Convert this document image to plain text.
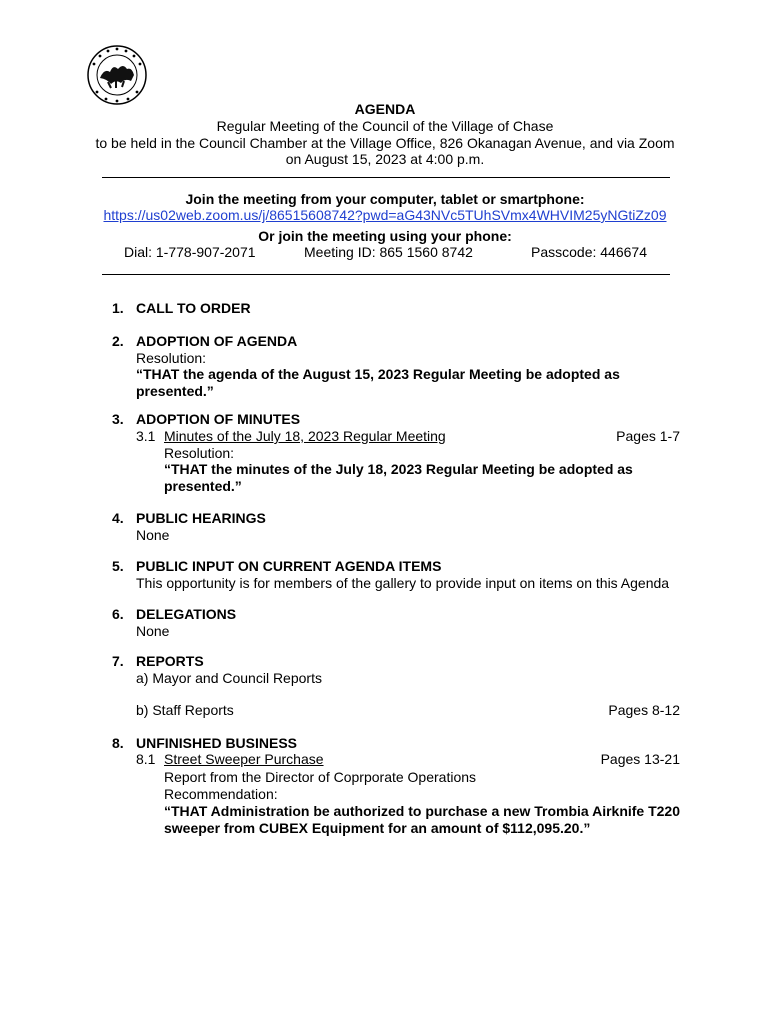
AGENDA
Regular Meeting of the Council of the Village of Chase
to be held in the Council Chamber at the Village Office, 826 Okanagan Avenue, and via Zoom
on August 15, 2023 at 4:00 p.m.
Join the meeting from your computer, tablet or smartphone:
https://us02web.zoom.us/j/86515608742?pwd=aG43NVc5TUhSVmx4WHVIM25yNGtiZz09
Or join the meeting using your phone:
Dial: 1-778-907-2071	Meeting ID: 865 1560 8742	Passcode: 446674
1. CALL TO ORDER
2. ADOPTION OF AGENDA
Resolution:
“THAT the agenda of the August 15, 2023 Regular Meeting be adopted as
presented.”
3. ADOPTION OF MINUTES
3.1 Minutes of the July 18, 2023 Regular Meeting	Pages 1-7
Resolution:
“THAT the minutes of the July 18, 2023 Regular Meeting be adopted as
presented.”
4. PUBLIC HEARINGS
None
5. PUBLIC INPUT ON CURRENT AGENDA ITEMS
This opportunity is for members of the gallery to provide input on items on this Agenda
6. DELEGATIONS
None
7. REPORTS
a) Mayor and Council Reports
b) Staff Reports	Pages 8-12
8. UNFINISHED BUSINESS
8.1 Street Sweeper Purchase	Pages 13-21
Report from the Director of Coprporate Operations
Recommendation:
“THAT Administration be authorized to purchase a new Trombia Airknife T220
sweeper from CUBEX Equipment for an amount of $112,095.20.”
